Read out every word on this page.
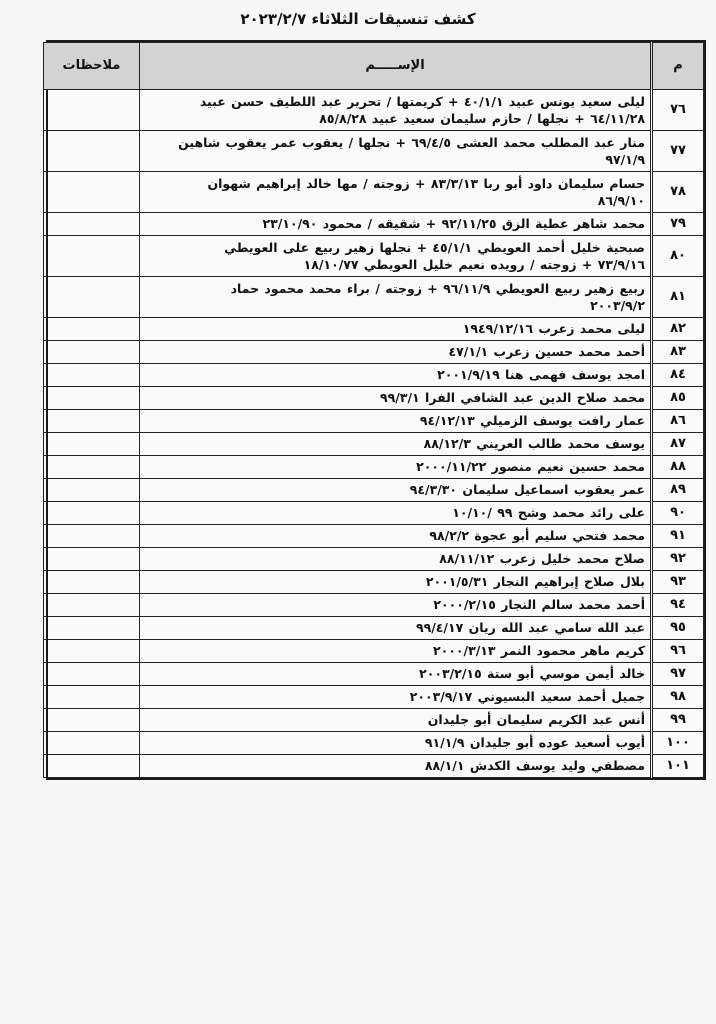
كشف تنسيقات الثلاثاء ٢٠٢٣/٢/٧
م	الإســـــم	ملاحظات
٧٦	ليلى سعيد يونس عبيد ٤٠/١/١ + كريمتها / تحرير عبد اللطيف حسن عبيد
٦٤/١١/٢٨ + نجلها / حازم سليمان سعيد عبيد ٨٥/٨/٢٨	

٧٧	منار عبد المطلب محمد العشى ٦٩/٤/٥ + نجلها / يعقوب عمر يعقوب شاهين
٩٧/١/٩	

٧٨	حسام سليمان داود أبو ربا ٨٣/٣/١٣ + زوجته / مها خالد إبراهيم شهوان
٨٦/٩/١٠	

٧٩	محمد شاهر عطية الزق ٩٢/١١/٢٥ + شقيقه / محمود ٢٣/١٠/٩٠	

٨٠	صبحية خليل أحمد العويطي ٤٥/١/١ + نجلها زهير ربيع على العويطي
٧٣/٩/١٦ + زوجته / رويده نعيم خليل العويطي ١٨/١٠/٧٧	

٨١	ربيع زهير ربيع العويطي ٩٦/١١/٩ + زوجته / براء محمد محمود حماد
٢٠٠٣/٩/٢	

٨٢	ليلى محمد زعرب ١٩٤٩/١٢/١٦	

٨٣	أحمد محمد حسين زعرب ٤٧/١/١	

٨٤	امجد يوسف فهمى هنا ٢٠٠١/٩/١٩	

٨٥	محمد صلاح الدين عبد الشافي الفرا ٩٩/٣/١	

٨٦	عمار رافت يوسف الزميلي ٩٤/١٢/١٣	

٨٧	يوسف محمد طالب العريني ٨٨/١٢/٣	

٨٨	محمد حسين نعيم منصور ٢٠٠٠/١١/٢٢	

٨٩	عمر يعقوب اسماعيل سليمان ٩٤/٣/٣٠	

٩٠	على رائد محمد وشح ٩٩ /١٠/١٠	

٩١	محمد فتحي سليم أبو عجوة ٩٨/٢/٢	

٩٢	صلاح محمد خليل زعرب ٨٨/١١/١٢	

٩٣	بلال صلاح إبراهيم النجار ٢٠٠١/٥/٣١	

٩٤	أحمد محمد سالم النجار ٢٠٠٠/٢/١٥	

٩٥	عبد الله سامي عبد الله ريان ٩٩/٤/١٧	

٩٦	كريم ماهر محمود النمر ٢٠٠٠/٣/١٣	

٩٧	خالد أيمن موسي أبو ستة ٢٠٠٣/٢/١٥	

٩٨	جميل أحمد سعيد البسيوني ٢٠٠٣/٩/١٧	

٩٩	أنس عبد الكريم سليمان أبو جليدان	

١٠٠	أيوب أسعيد عوده أبو جليدان ٩١/١/٩	

١٠١	مصطفي وليد يوسف الكدش ٨٨/١/١	
